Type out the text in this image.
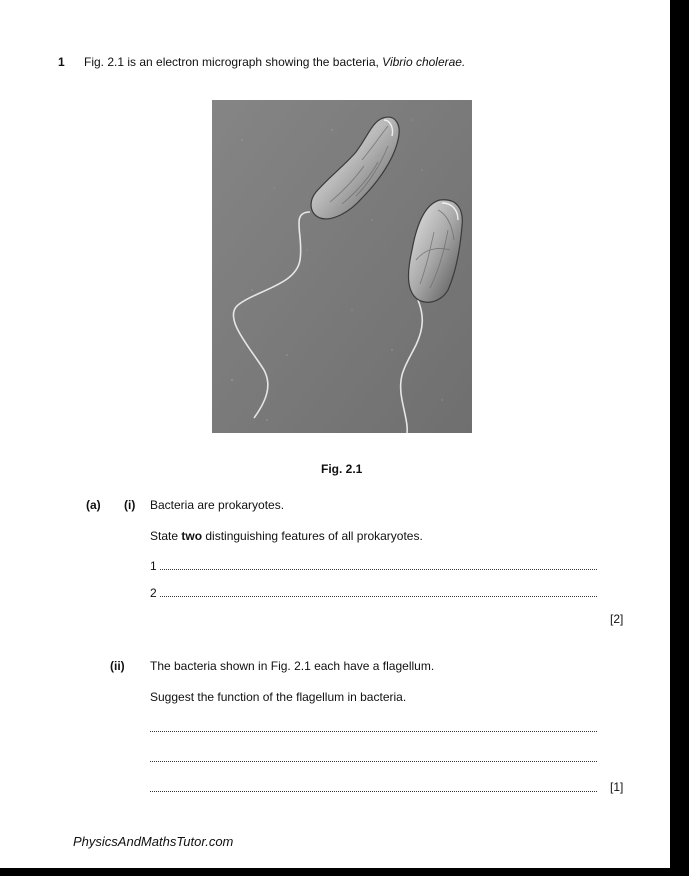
1 Fig. 2.1 is an electron micrograph showing the bacteria, Vibrio cholerae.
Fig. 2.1
(a) (i) Bacteria are prokaryotes.
State two distinguishing features of all prokaryotes.
1
2
[2]
(ii) The bacteria shown in Fig. 2.1 each have a flagellum.
Suggest the function of the flagellum in bacteria.
[1]
PhysicsAndMathsTutor.com
